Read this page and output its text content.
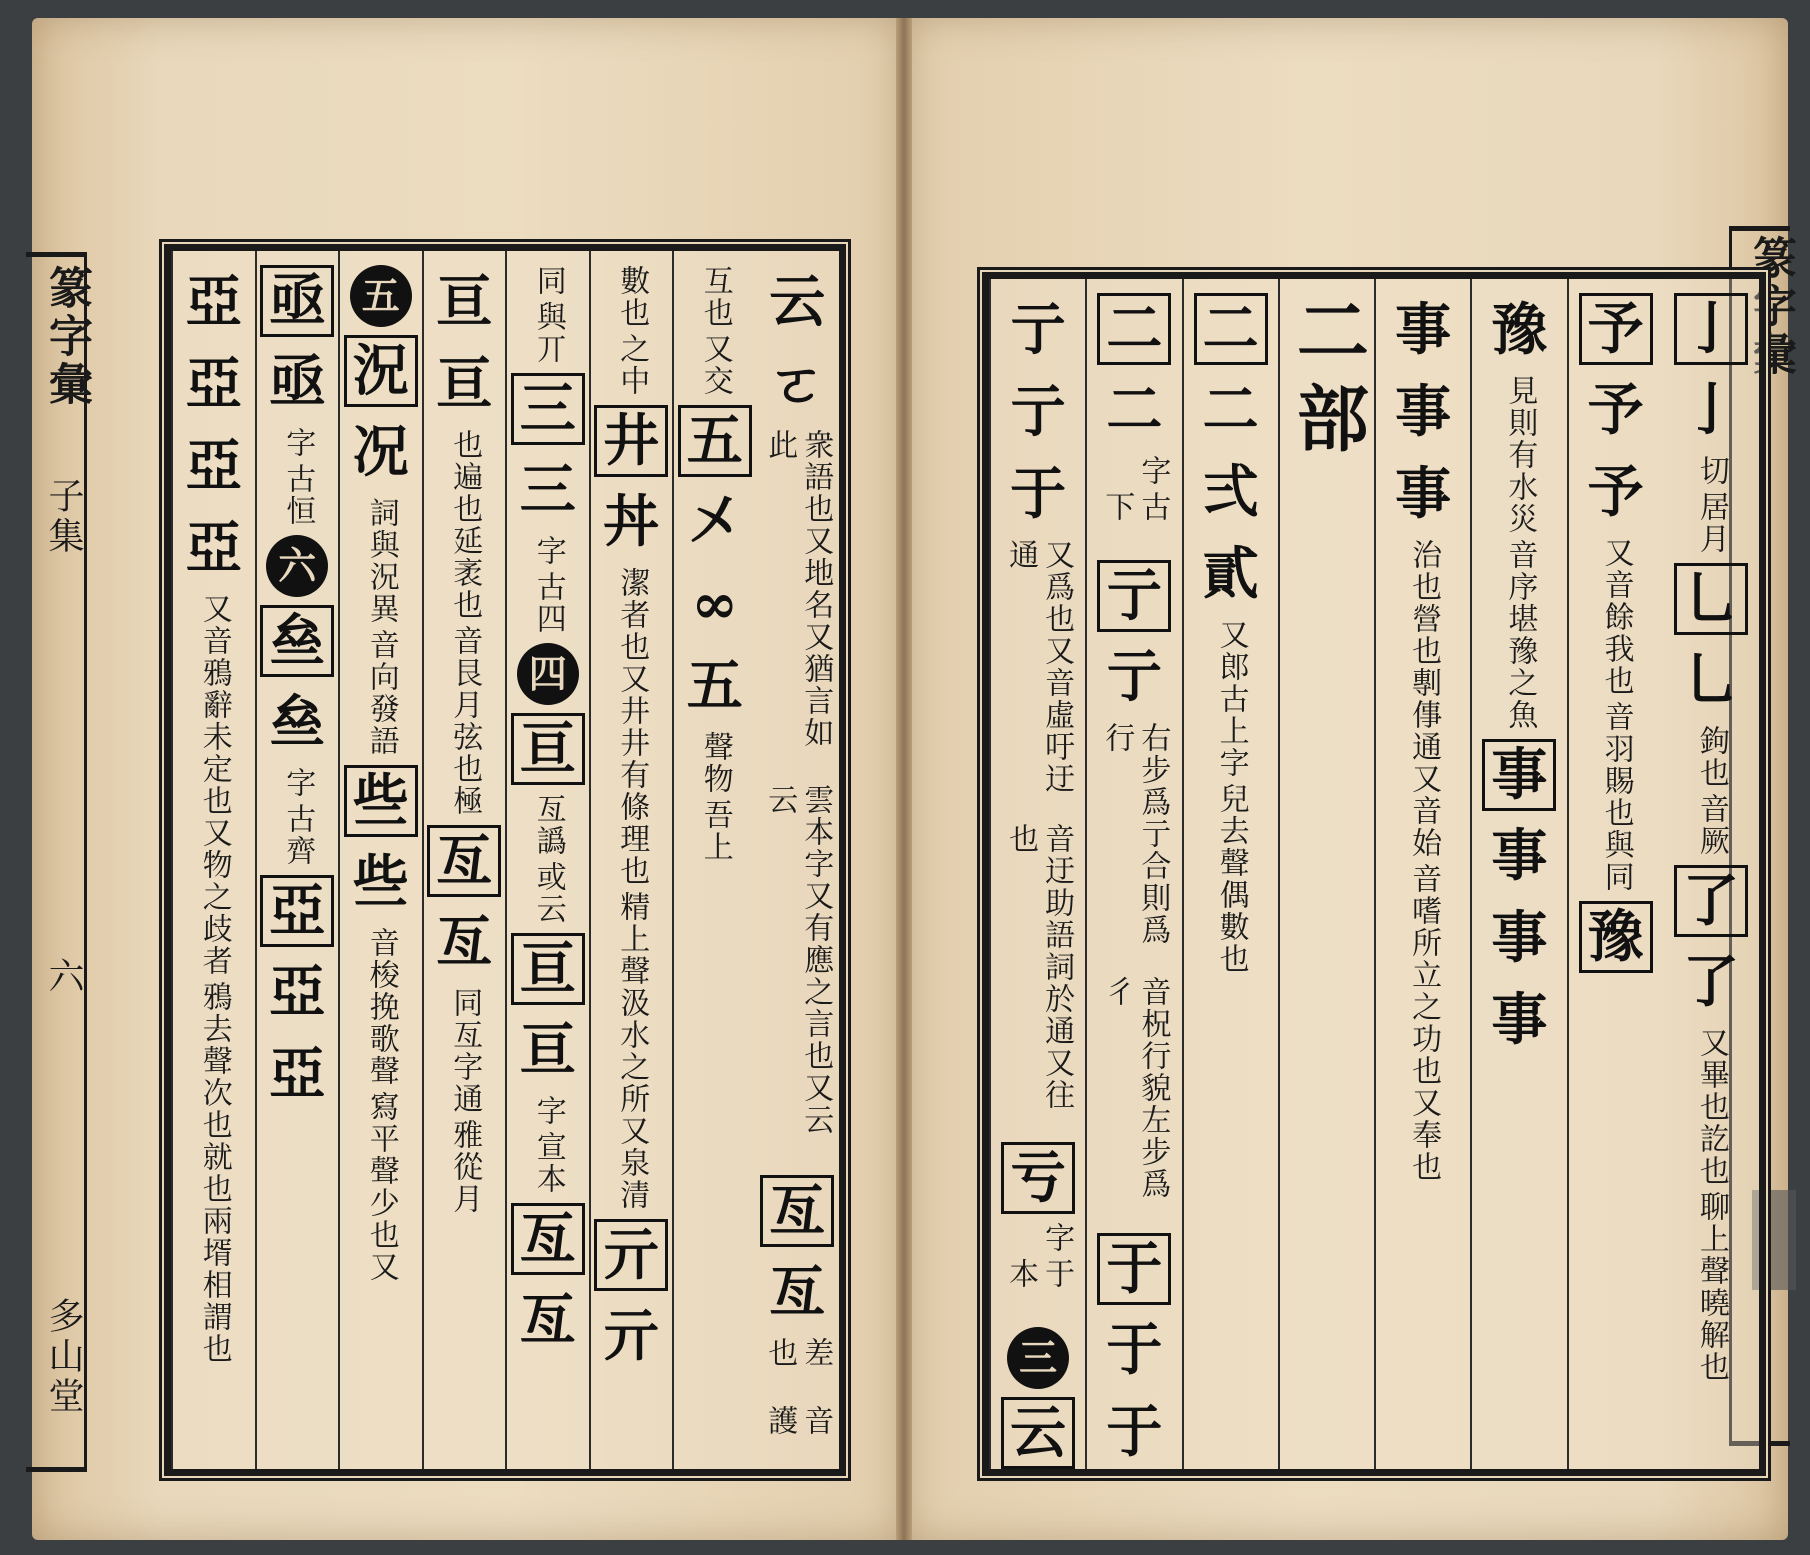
篆字彙
子集
六
多山堂
云
ㄛ
雲本字又有應之言也又云云
衆語也又地名又猶言如此
亙
亙
音護
差也
又交
互也
五
㐅
∞
五
吾上
聲物
之中
數也
井
丼
精上聲汲水之所又泉清
潔者也又井井有條理也
亓
亓
與丌
同
三
三
古四
字
四
亘
或云
亙譌
亘
亘
宣本
字
亙
亙
亘
亘
音艮月弦也極
也遍也延袤也
亙
亙
雅從月
同亙字通
五
況
况
音向發語
詞與況異
些
些
寫平聲少也又
音梭挽歌聲
亟
亟
古恒
字
六
亝
亝
古齊
字
亞
亞
亞
亞
亞
亞
亞
鴉去聲次也就也兩壻相謂也
又音鴉辭未定也又物之歧者
篆字彙
亅
亅
居月
切
乚
乚
音厥
鉤也
了
了
聊上聲曉解也
又畢也訖也
予
予
予
音羽賜也與同
又音餘我也
豫
豫
音序堪豫之魚
見則有水災
事
事
事
事
事
事
事
音嗜所立之功也又奉也
治也營也剸倳通又音始
二部
二
二
弍
貳
兒去聲偶數也
又郎古上字
二
二
古下
字
亍
亍
音柷行貌左步爲彳
右步爲亍合則爲行
于
于
于
亍
亍
于
音迂助語詞於通又往也
又爲也又音虛吁迂通
亏
于本
字
三
云
